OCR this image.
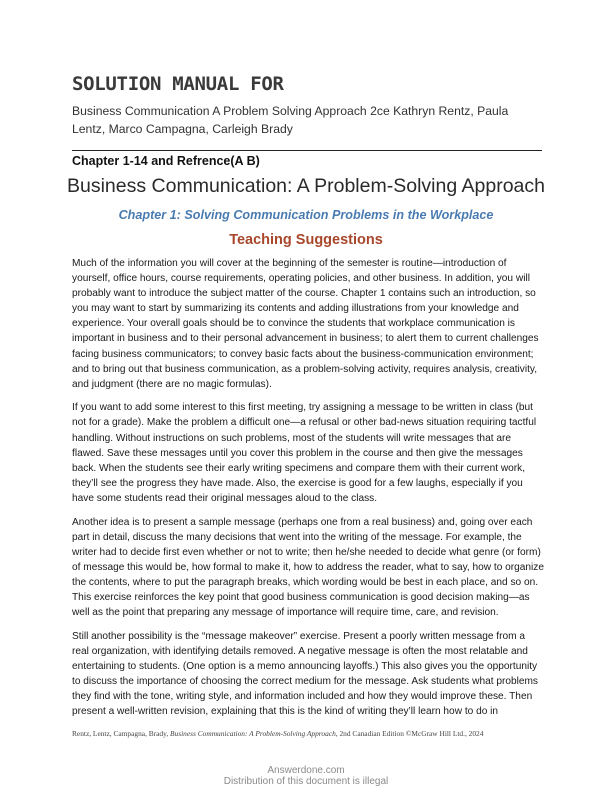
SOLUTION MANUAL FOR

Business Communication A Problem Solving Approach 2ce Kathryn Rentz, Paula Lentz, Marco Campagna, Carleigh Brady

Chapter 1-14 and Refrence(A B)
Business Communication: A Problem-Solving Approach
Chapter 1: Solving Communication Problems in the Workplace
Teaching Suggestions

Much of the information you will cover at the beginning of the semester is routine—introduction of yourself, office hours, course requirements, operating policies, and other business. In addition, you will probably want to introduce the subject matter of the course. Chapter 1 contains such an introduction, so you may want to start by summarizing its contents and adding illustrations from your knowledge and experience. Your overall goals should be to convince the students that workplace communication is important in business and to their personal advancement in business; to alert them to current challenges facing business communicators; to convey basic facts about the business-communication environment; and to bring out that business communication, as a problem-solving activity, requires analysis, creativity, and judgment (there are no magic formulas).

If you want to add some interest to this first meeting, try assigning a message to be written in class (but not for a grade). Make the problem a difficult one—a refusal or other bad-news situation requiring tactful handling. Without instructions on such problems, most of the students will write messages that are flawed. Save these messages until you cover this problem in the course and then give the messages back. When the students see their early writing specimens and compare them with their current work, they’ll see the progress they have made. Also, the exercise is good for a few laughs, especially if you have some students read their original messages aloud to the class.

Another idea is to present a sample message (perhaps one from a real business) and, going over each part in detail, discuss the many decisions that went into the writing of the message. For example, the writer had to decide first even whether or not to write; then he/she needed to decide what genre (or form) of message this would be, how formal to make it, how to address the reader, what to say, how to organize the contents, where to put the paragraph breaks, which wording would be best in each place, and so on. This exercise reinforces the key point that good business communication is good decision making—as well as the point that preparing any message of importance will require time, care, and revision.

Still another possibility is the “message makeover” exercise. Present a poorly written message from a real organization, with identifying details removed. A negative message is often the most relatable and entertaining to students. (One option is a memo announcing layoffs.) This also gives you the opportunity to discuss the importance of choosing the correct medium for the message. Ask students what problems they find with the tone, writing style, and information included and how they would improve these. Then present a well-written revision, explaining that this is the kind of writing they’ll learn how to do in

Rentz, Lentz, Campagna, Brady, Business Communication: A Problem-Solving Approach, 2nd Canadian Edition ©McGraw Hill Ltd., 2024

Answerdone.com

Distribution of this document is illegal
